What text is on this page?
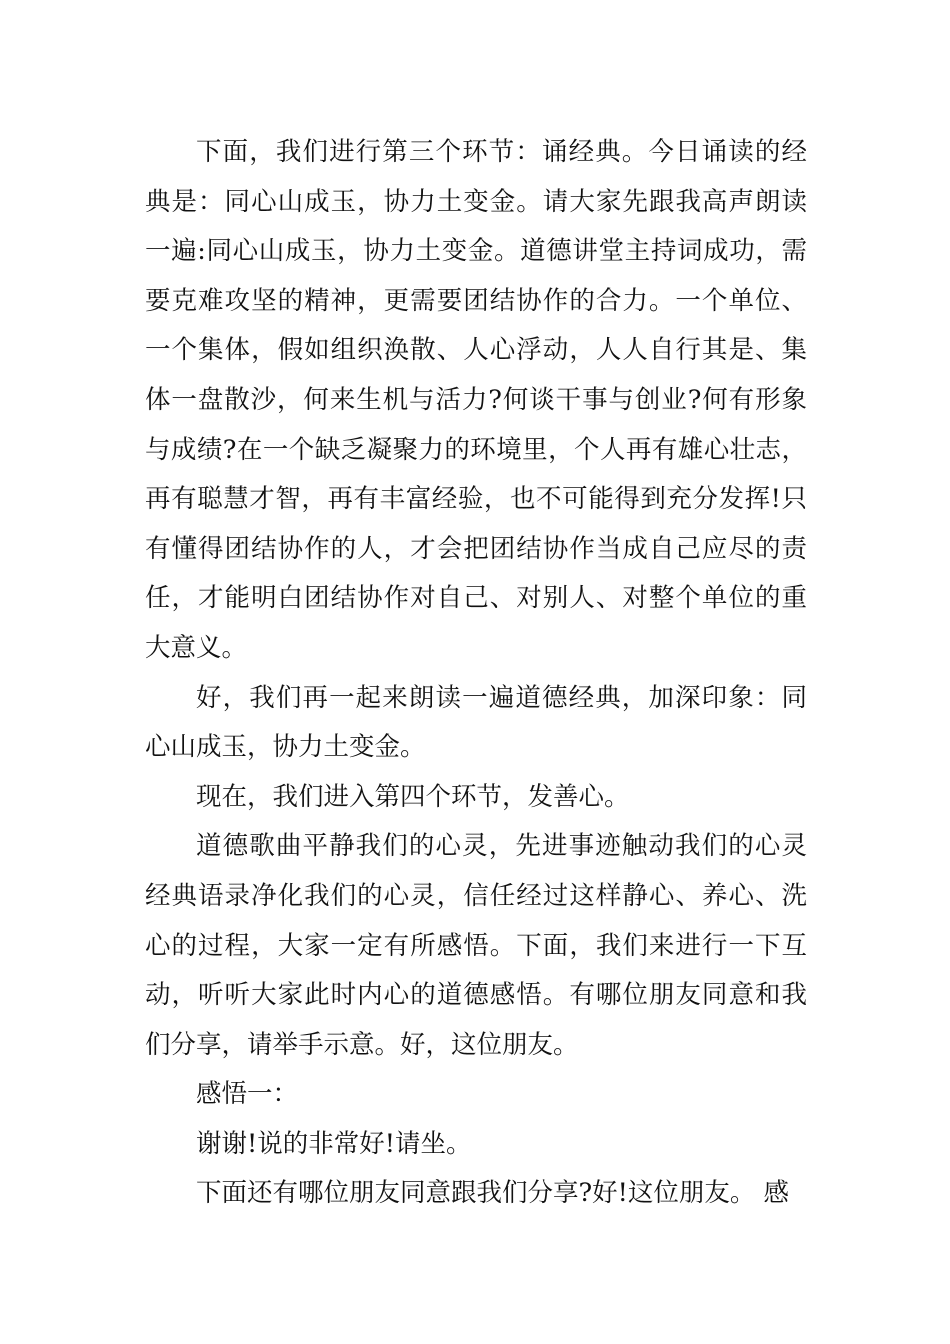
下面，我们进行第三个环节：诵经典。今日诵读的经典是：同心山成玉，协力土变金。请大家先跟我高声朗读一遍:同心山成玉，协力土变金。道德讲堂主持词成功，需要克难攻坚的精神，更需要团结协作的合力。一个单位、一个集体，假如组织涣散、人心浮动，人人自行其是、集体一盘散沙，何来生机与活力?何谈干事与创业?何有形象与成绩?在一个缺乏凝聚力的环境里，个人再有雄心壮志，再有聪慧才智，再有丰富经验，也不可能得到充分发挥!只有懂得团结协作的人，才会把团结协作当成自己应尽的责任，才能明白团结协作对自己、对别人、对整个单位的重大意义。

好，我们再一起来朗读一遍道德经典，加深印象：同心山成玉，协力土变金。

现在，我们进入第四个环节，发善心。

道德歌曲平静我们的心灵，先进事迹触动我们的心灵经典语录净化我们的心灵，信任经过这样静心、养心、洗心的过程，大家一定有所感悟。下面，我们来进行一下互动，听听大家此时内心的道德感悟。有哪位朋友同意和我们分享，请举手示意。好，这位朋友。

感悟一：

谢谢!说的非常好!请坐。

下面还有哪位朋友同意跟我们分享?好!这位朋友。 感
